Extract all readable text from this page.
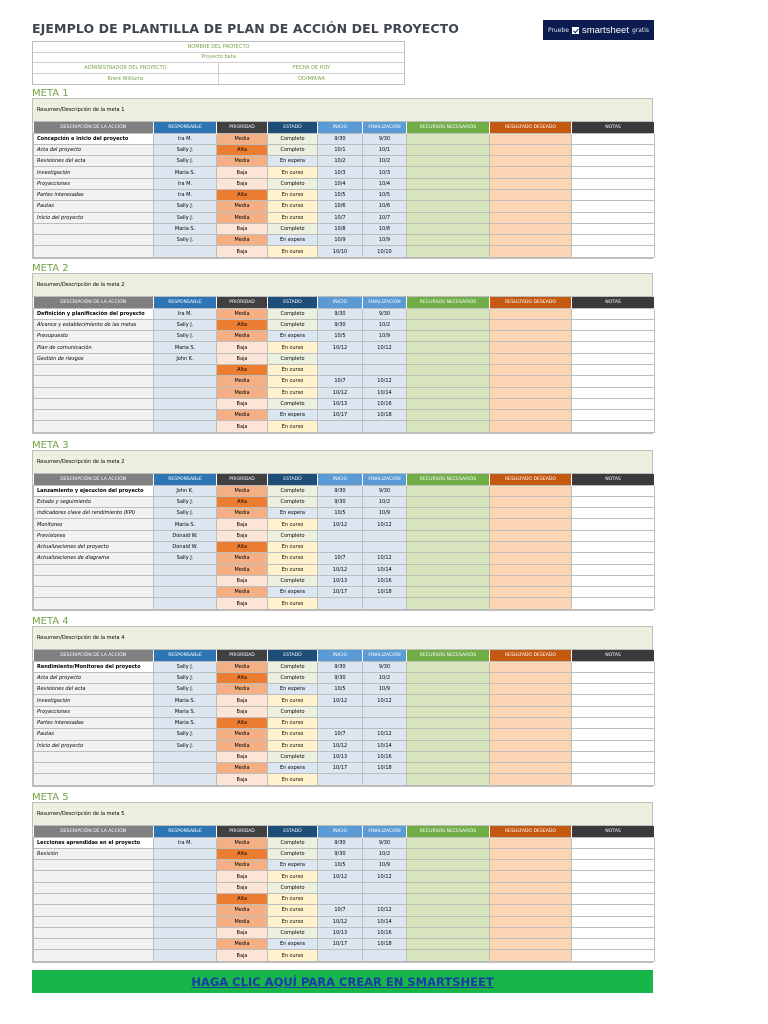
EJEMPLO DE PLANTILLA DE PLAN DE ACCIÓN DEL PROYECTO	Pruebe smartsheet gratis
NOMBRE DEL PROYECTO
Proyecto beta
ADMINISTRADOR DEL PROYECTO	FECHA DE HOY
Brent Williams	DD/MM/AA
META 1
Resumen/Descripción de la meta 1
DESCRIPCIÓN DE LA ACCIÓN	RESPONSABLE	PRIORIDAD	ESTADO	INICIO	FINALIZACIÓN	RECURSOS NECESARIOS	RESULTADO DESEADO	NOTAS
Concepción e inicio del proyecto	Ira M.	Media	Completo	9/30	9/30			
Acta del proyecto	Sally J.	Alta	Completo	10/1	10/1			
Revisiones del acta	Sally J.	Media	En espera	10/2	10/2			
Investigación	Maria S.	Baja	En curso	10/3	10/3			
Proyecciones	Ira M.	Baja	Completo	10/4	10/4			
Partes interesadas	Ira M.	Alta	En curso	10/5	10/5			
Pautas	Sally J.	Media	En curso	10/6	10/6			
Inicio del proyecto	Sally J.	Media	En curso	10/7	10/7			
	Maria S.	Baja	Completo	10/8	10/8			
	Sally J.	Media	En espera	10/9	10/9			
		Baja	En curso	10/10	10/10			
META 2
Resumen/Descripción de la meta 2
DESCRIPCIÓN DE LA ACCIÓN	RESPONSABLE	PRIORIDAD	ESTADO	INICIO	FINALIZACIÓN	RECURSOS NECESARIOS	RESULTADO DESEADO	NOTAS
Definición y planificación del proyecto	Ira M.	Media	Completo	9/30	9/30			
Alcance y establecimiento de las metas	Sally J.	Alta	Completo	9/30	10/2			
Presupuesto	Sally J.	Media	En espera	10/5	10/9			
Plan de comunicación	Maria S.	Baja	En curso	10/12	10/12			
Gestión de riesgos	John K.	Baja	Completo					
		Alta	En curso					
		Media	En curso	10/7	10/12			
		Media	En curso	10/12	10/14			
		Baja	Completo	10/13	10/16			
		Media	En espera	10/17	10/18			
		Baja	En curso					
META 3
Resumen/Descripción de la meta 2
DESCRIPCIÓN DE LA ACCIÓN	RESPONSABLE	PRIORIDAD	ESTADO	INICIO	FINALIZACIÓN	RECURSOS NECESARIOS	RESULTADO DESEADO	NOTAS
Lanzamiento y ejecución del proyecto	John K.	Media	Completo	9/30	9/30			
Estado y seguimiento	Sally J.	Alta	Completo	9/30	10/2			
Indicadores clave del rendimiento (KPI)	Sally J.	Media	En espera	10/5	10/9			
Monitoreo	Maria S.	Baja	En curso	10/12	10/12			
Previsiones	Donald W.	Baja	Completo					
Actualizaciones del proyecto	Donald W.	Alta	En curso					
Actualizaciones de diagrama	Sally J.	Media	En curso	10/7	10/12			
		Media	En curso	10/12	10/14			
		Baja	Completo	10/13	10/16			
		Media	En espera	10/17	10/18			
		Baja	En curso					
META 4
Resumen/Descripción de la meta 4
DESCRIPCIÓN DE LA ACCIÓN	RESPONSABLE	PRIORIDAD	ESTADO	INICIO	FINALIZACIÓN	RECURSOS NECESARIOS	RESULTADO DESEADO	NOTAS
Rendimiento/Monitoreo del proyecto	Sally J.	Media	Completo	9/30	9/30			
Acta del proyecto	Sally J.	Alta	Completo	9/30	10/2			
Revisiones del acta	Sally J.	Media	En espera	10/5	10/9			
Investigación	Maria S.	Baja	En curso	10/12	10/12			
Proyecciones	Maria S.	Baja	Completo					
Partes interesadas	Maria S.	Alta	En curso					
Pautas	Sally J.	Media	En curso	10/7	10/12			
Inicio del proyecto	Sally J.	Media	En curso	10/12	10/14			
		Baja	Completo	10/13	10/16			
		Media	En espera	10/17	10/18			
		Baja	En curso					
META 5
Resumen/Descripción de la meta 5
DESCRIPCIÓN DE LA ACCIÓN	RESPONSABLE	PRIORIDAD	ESTADO	INICIO	FINALIZACIÓN	RECURSOS NECESARIOS	RESULTADO DESEADO	NOTAS
Lecciones aprendidas en el proyecto	Ira M.	Media	Completo	9/30	9/30			
Revisión		Alta	Completo	9/30	10/2			
		Media	En espera	10/5	10/9			
		Baja	En curso	10/12	10/12			
		Baja	Completo					
		Alta	En curso					
		Media	En curso	10/7	10/12			
		Media	En curso	10/12	10/14			
		Baja	Completo	10/13	10/16			
		Media	En espera	10/17	10/18			
		Baja	En curso					
HAGA CLIC AQUÍ PARA CREAR EN SMARTSHEET
